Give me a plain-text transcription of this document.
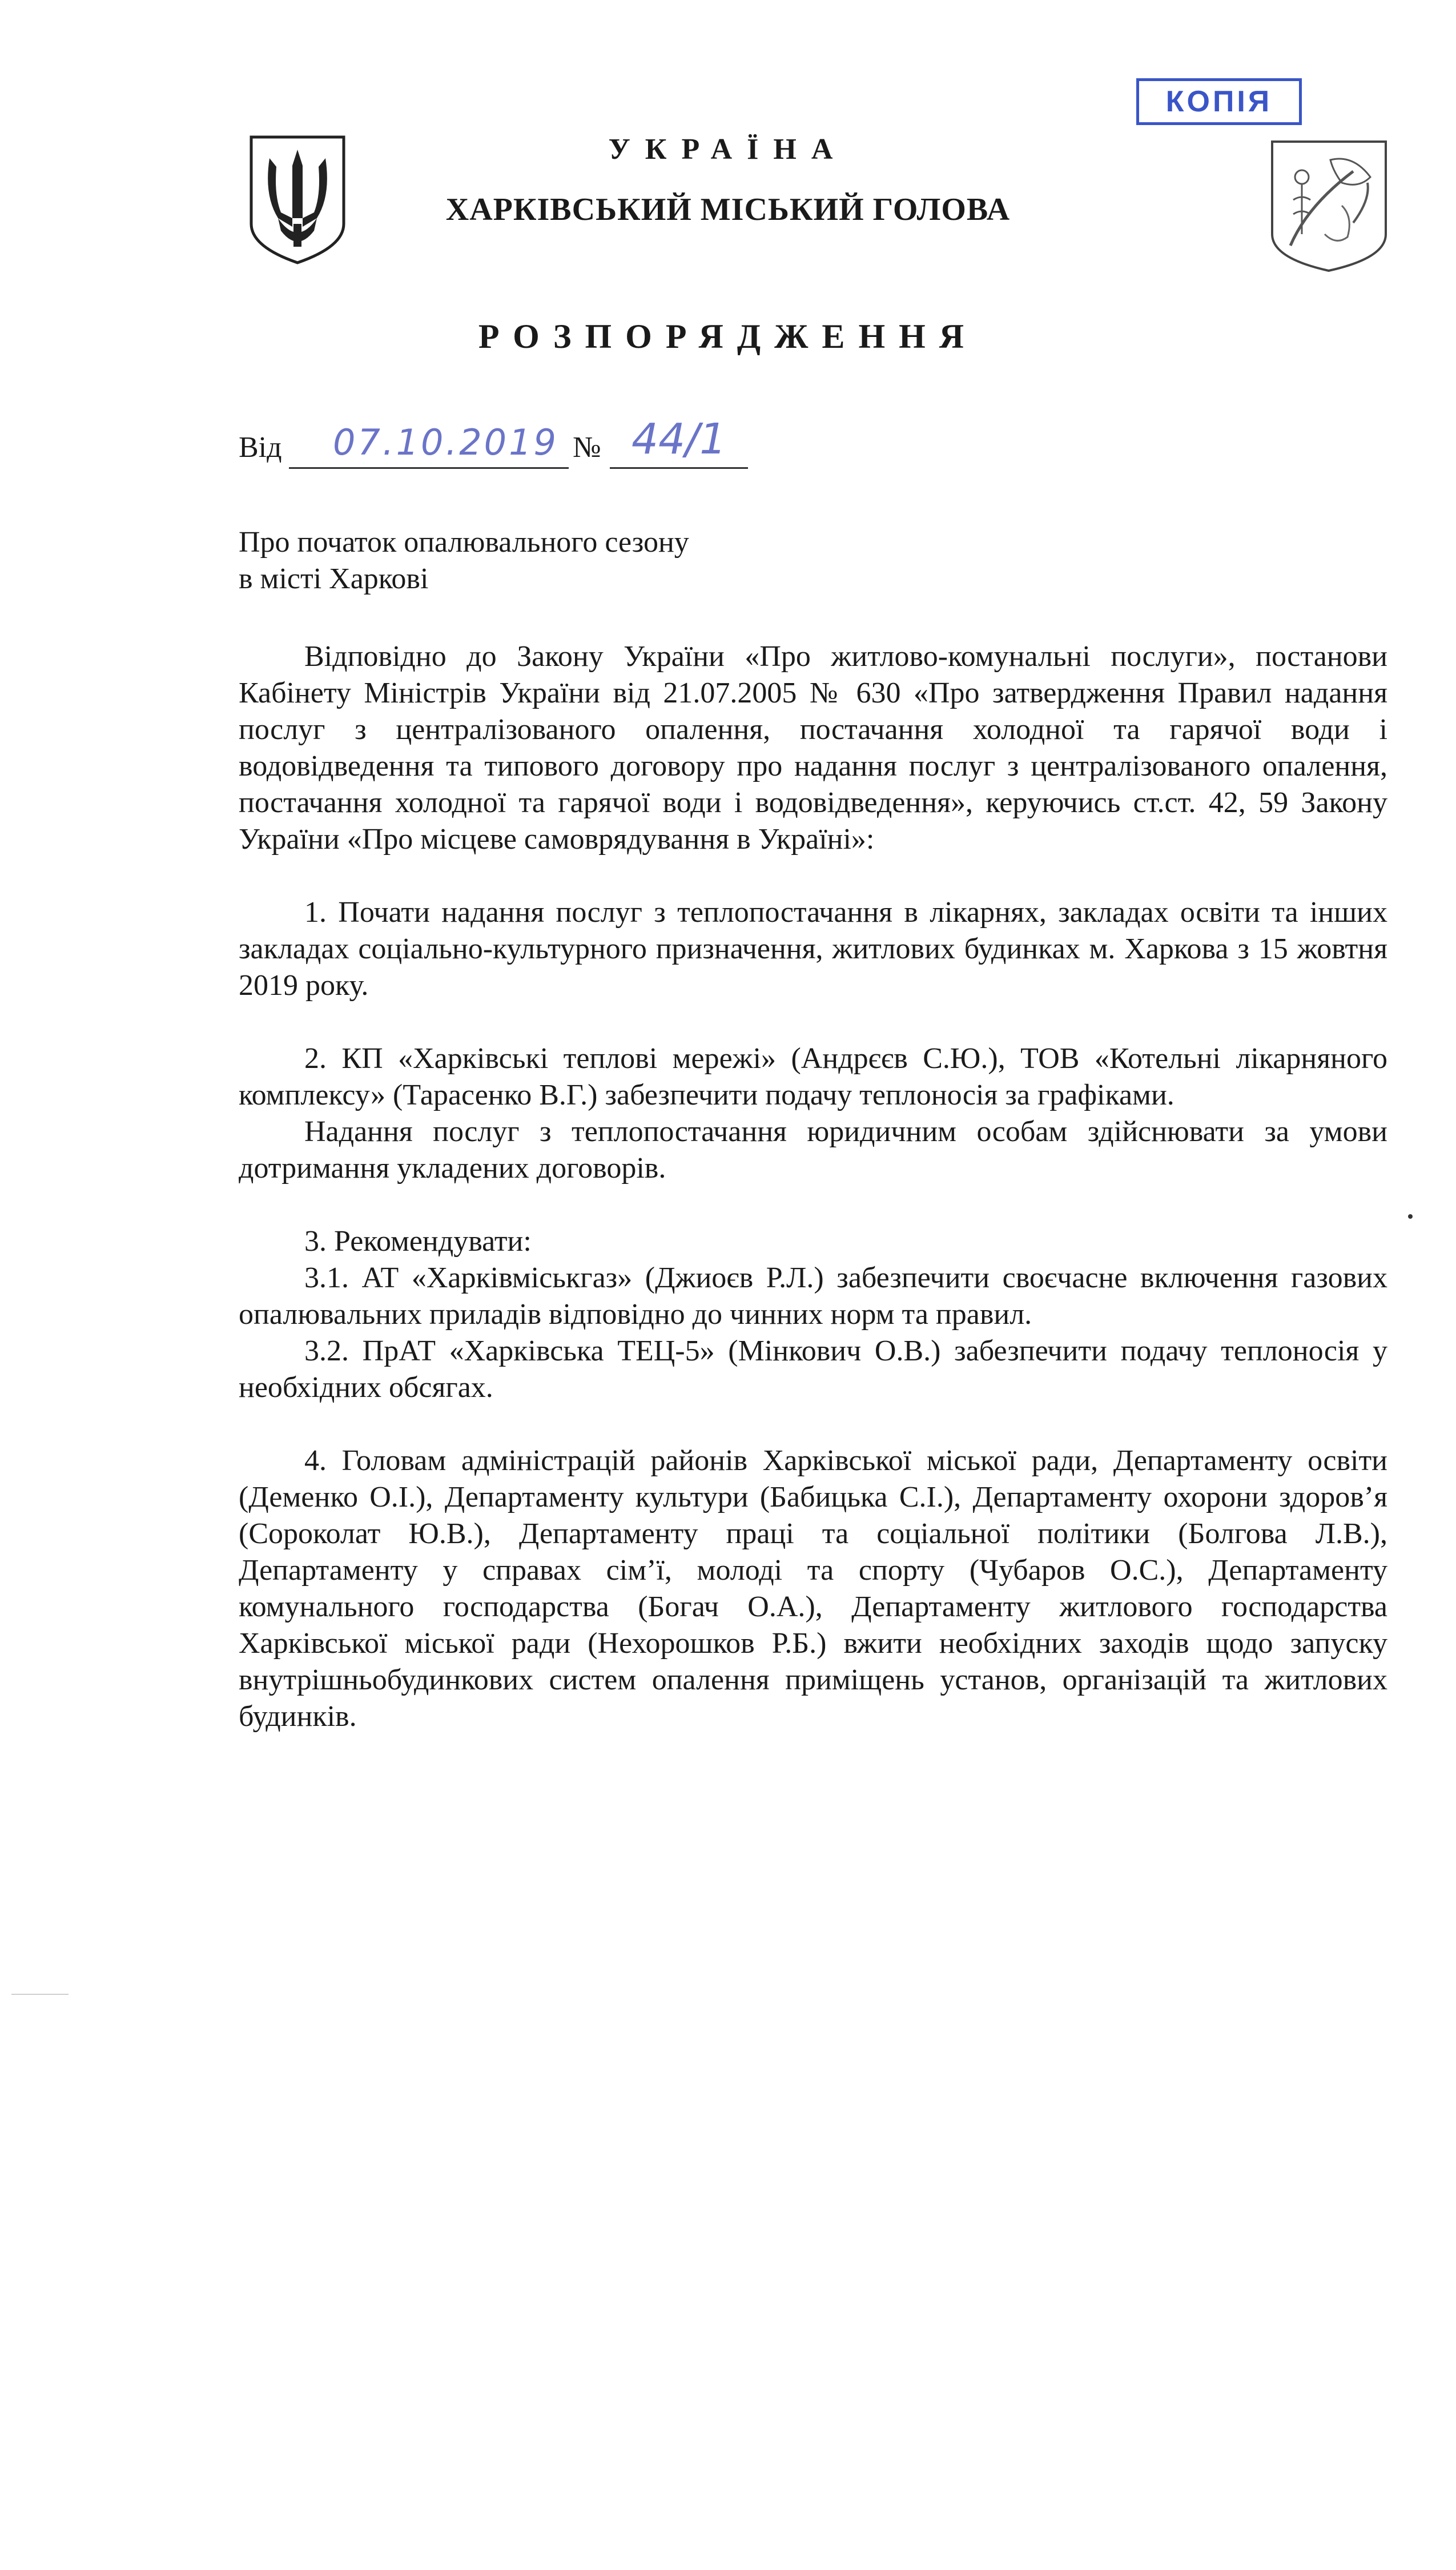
КОПІЯ
УКРАЇНА
ХАРКІВСЬКИЙ МІСЬКИЙ ГОЛОВА
РОЗПОРЯДЖЕННЯ
Від 07.10.2019 № 44/1
Про початок опалювального сезону
в місті Харкові

Відповідно до Закону України «Про житлово-комунальні послуги», постанови Кабінету Міністрів України від 21.07.2005 № 630 «Про затвердження Правил надання послуг з централізованого опалення, постачання холодної та гарячої води і водовідведення та типового договору про надання послуг з централізованого опалення, постачання холодної та гарячої води і водовідведення», керуючись ст.ст. 42, 59 Закону України «Про місцеве самоврядування в Україні»:

1. Почати надання послуг з теплопостачання в лікарнях, закладах освіти та інших закладах соціально-культурного призначення, житлових будинках м. Харкова з 15 жовтня 2019 року.

2. КП «Харківські теплові мережі» (Андрєєв С.Ю.), ТОВ «Котельні лікарняного комплексу» (Тарасенко В.Г.) забезпечити подачу теплоносія за графіками.

Надання послуг з теплопостачання юридичним особам здійснювати за умови дотримання укладених договорів.

3. Рекомендувати:

3.1. АТ «Харківміськгаз» (Джиоєв Р.Л.) забезпечити своєчасне включення газових опалювальних приладів відповідно до чинних норм та правил.

3.2. ПрАТ «Харківська ТЕЦ-5» (Мінкович О.В.) забезпечити подачу теплоносія у необхідних обсягах.

4. Головам адміністрацій районів Харківської міської ради, Департаменту освіти (Деменко О.І.), Департаменту культури (Бабицька С.І.), Департаменту охорони здоров’я (Сороколат Ю.В.), Департаменту праці та соціальної політики (Болгова Л.В.), Департаменту у справах сім’ї, молоді та спорту (Чубаров О.С.), Департаменту комунального господарства (Богач О.А.), Департаменту житлового господарства Харківської міської ради (Нехорошков Р.Б.) вжити необхідних заходів щодо запуску внутрішньобудинкових систем опалення приміщень установ, організацій та житлових будинків.
